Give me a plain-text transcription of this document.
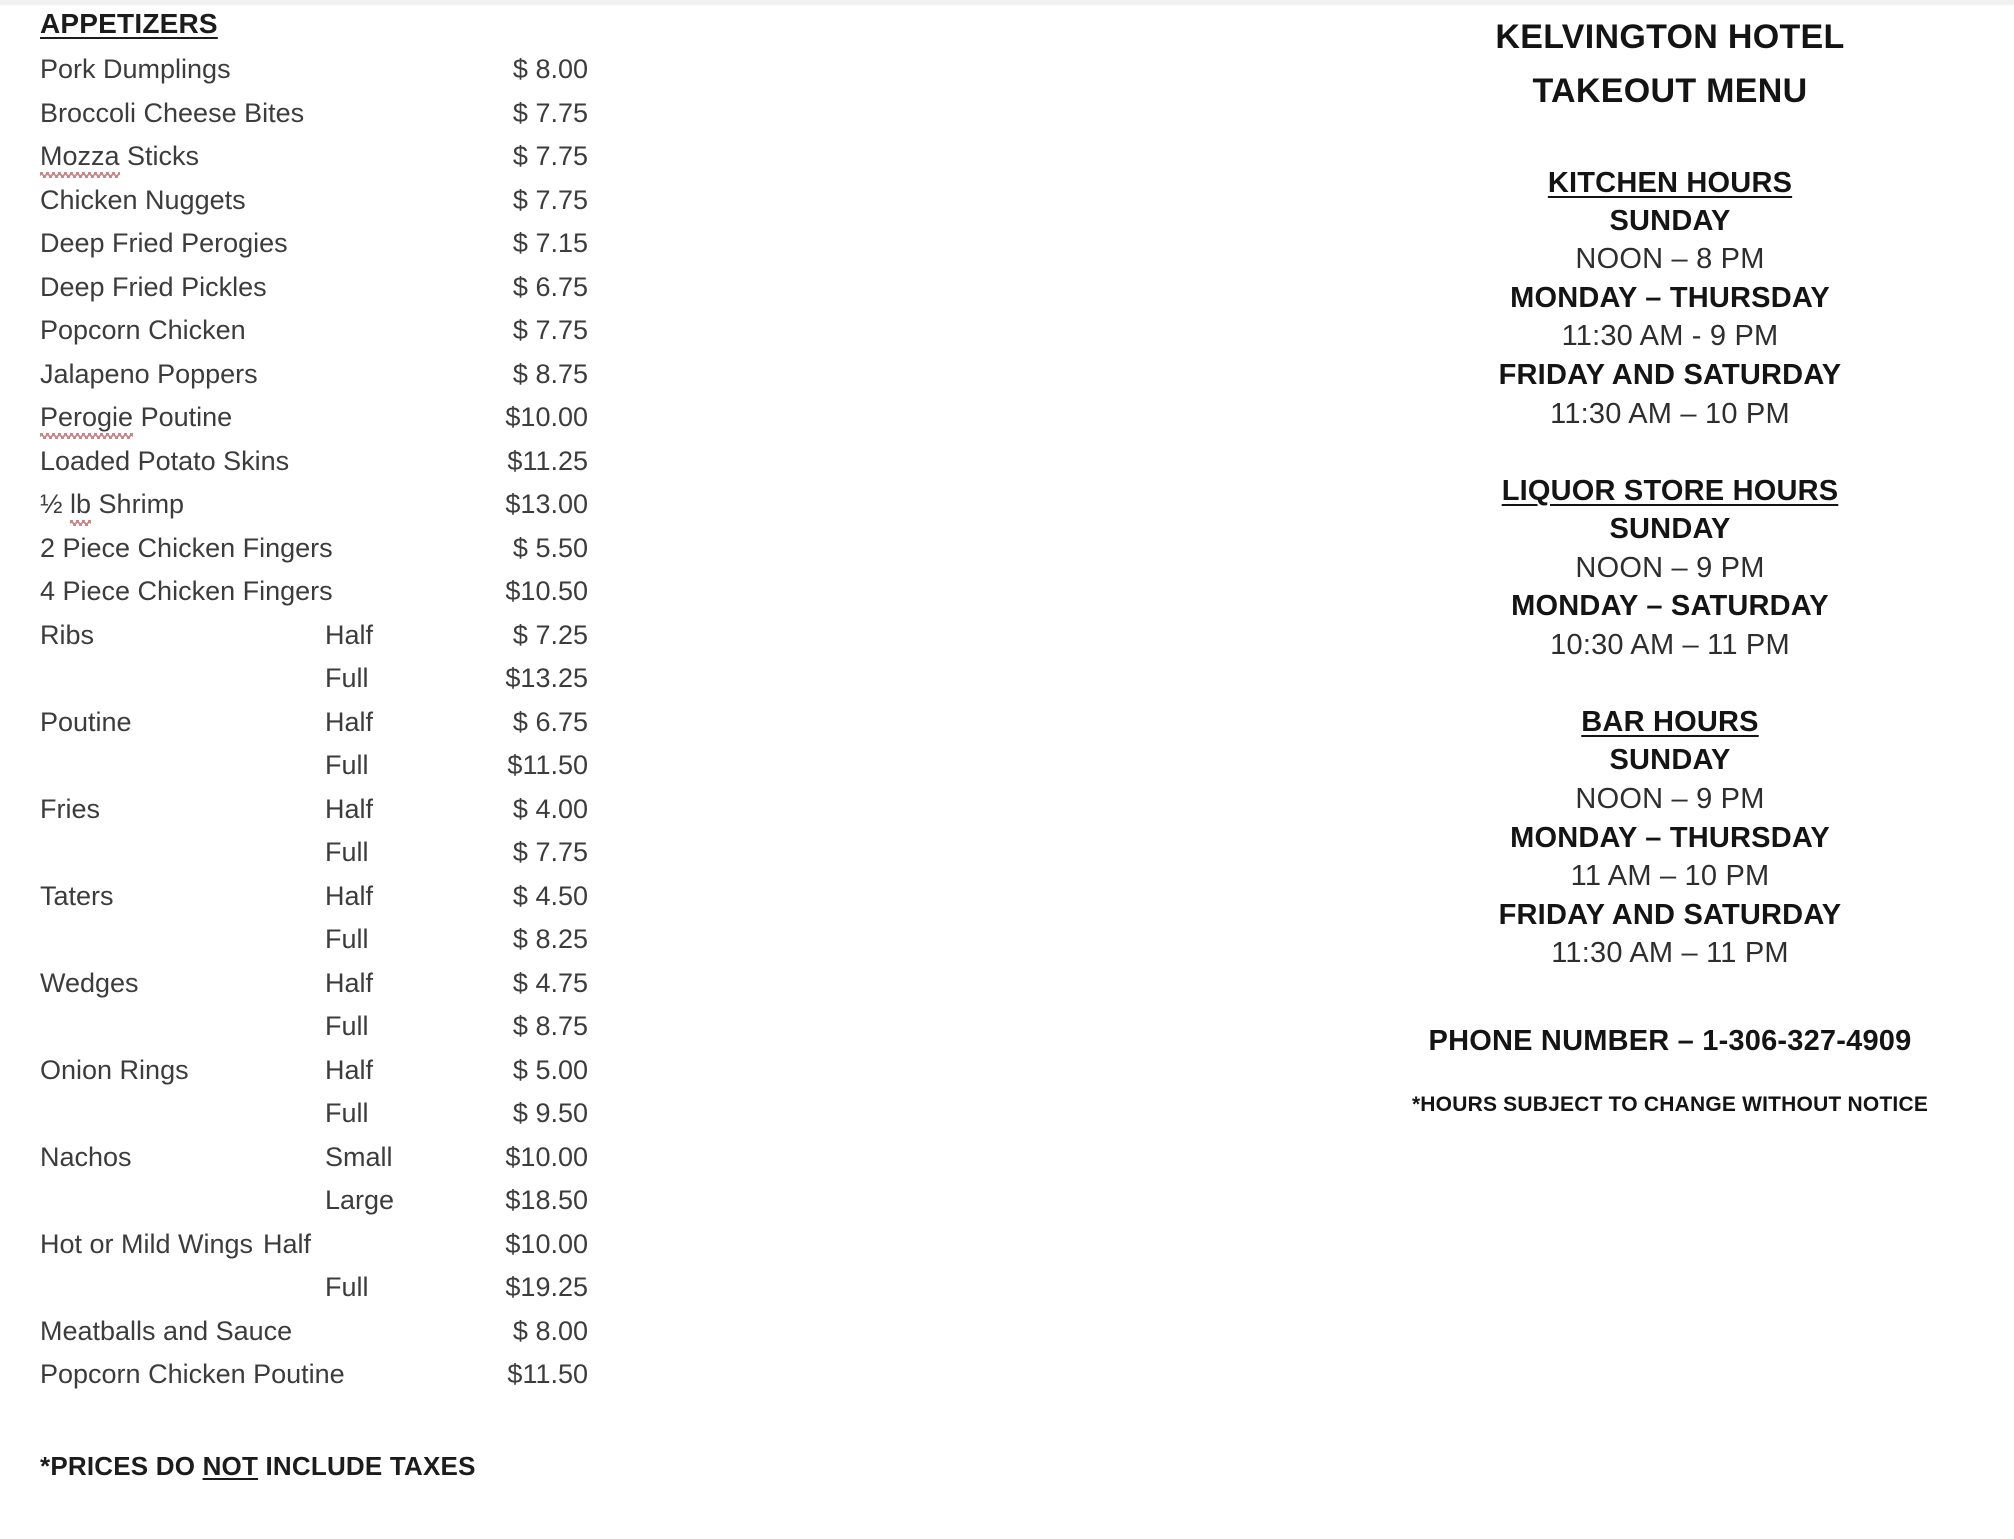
APPETIZERS
Pork Dumplings	$ 8.00
Broccoli Cheese Bites	$ 7.75
Mozza Sticks	$ 7.75
Chicken Nuggets	$ 7.75
Deep Fried Perogies	$ 7.15
Deep Fried Pickles	$ 6.75
Popcorn Chicken	$ 7.75
Jalapeno Poppers	$ 8.75
Perogie Poutine	$10.00
Loaded Potato Skins	$11.25
½ lb Shrimp	$13.00
2 Piece Chicken Fingers	$ 5.50
4 Piece Chicken Fingers	$10.50
Ribs	Half	$ 7.25
Full	$13.25
Poutine	Half	$ 6.75
Full	$11.50
Fries	Half	$ 4.00
Full	$ 7.75
Taters	Half	$ 4.50
Full	$ 8.25
Wedges	Half	$ 4.75
Full	$ 8.75
Onion Rings	Half	$ 5.00
Full	$ 9.50
Nachos	Small	$10.00
Large	$18.50
Hot or Mild Wings Half	$10.00
Full	$19.25
Meatballs and Sauce	$ 8.00
Popcorn Chicken Poutine	$11.50
*PRICES DO NOT INCLUDE TAXES
KELVINGTON HOTEL
TAKEOUT MENU
KITCHEN HOURS
SUNDAY
NOON – 8 PM
MONDAY – THURSDAY
11:30 AM - 9 PM
FRIDAY AND SATURDAY
11:30 AM – 10 PM
LIQUOR STORE HOURS
SUNDAY
NOON – 9 PM
MONDAY – SATURDAY
10:30 AM – 11 PM
BAR HOURS
SUNDAY
NOON – 9 PM
MONDAY – THURSDAY
11 AM – 10 PM
FRIDAY AND SATURDAY
11:30 AM – 11 PM
PHONE NUMBER – 1-306-327-4909
*HOURS SUBJECT TO CHANGE WITHOUT NOTICE
